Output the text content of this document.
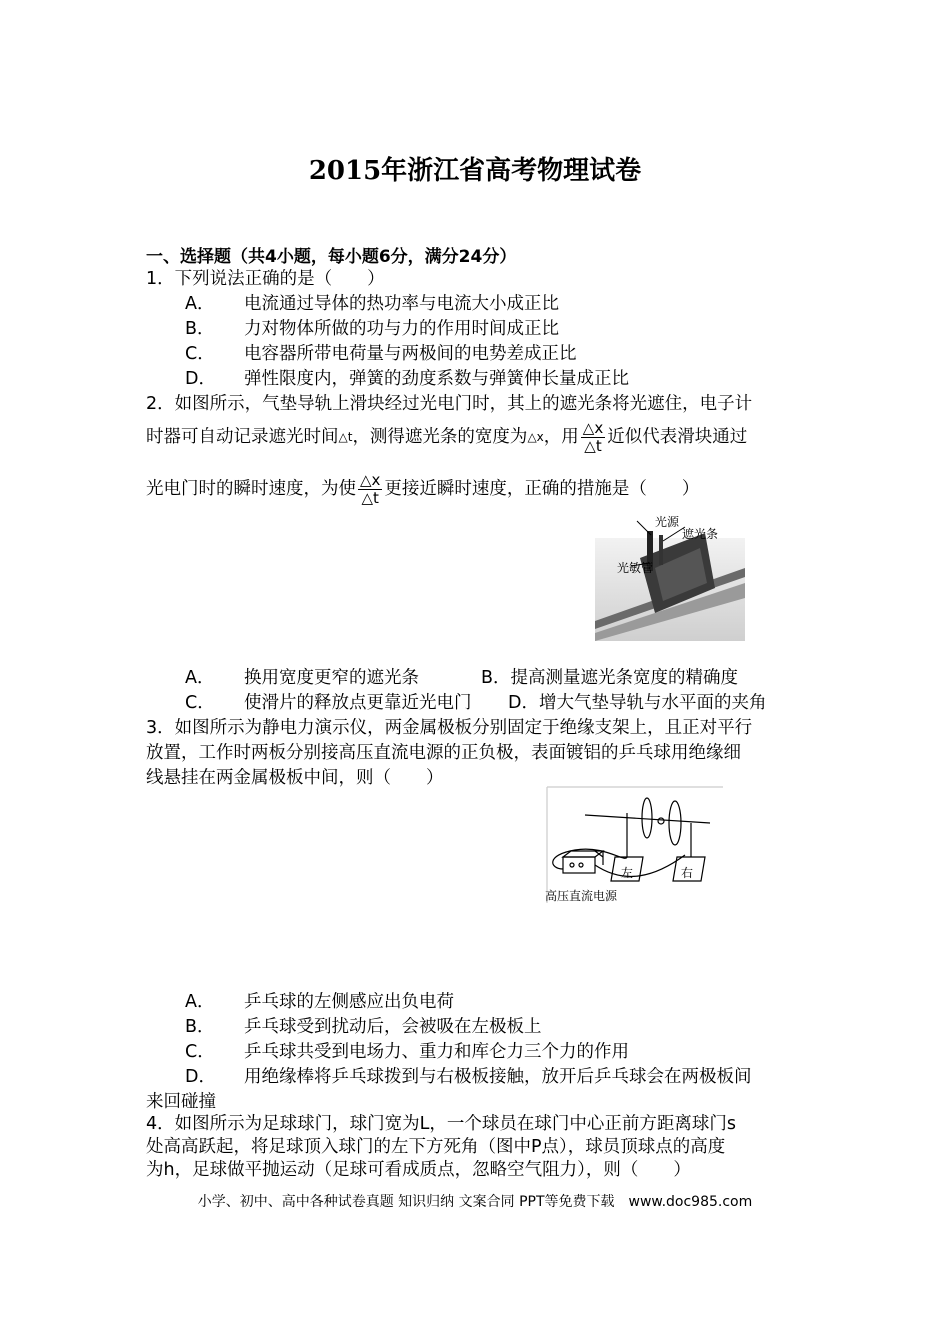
2015年浙江省高考物理试卷
一、选择题（共4小题，每小题6分，满分24分）
1．下列说法正确的是（　　）
A． 电流通过导体的热功率与电流大小成正比
B． 力对物体所做的功与力的作用时间成正比
C． 电容器所带电荷量与两极间的电势差成正比
D． 弹性限度内，弹簧的劲度系数与弹簧伸长量成正比
2．如图所示，气垫导轨上滑块经过光电门时，其上的遮光条将光遮住，电子计
时器可自动记录遮光时间 △t ，测得遮光条的宽度为 △x ，用 $\frac{\triangle x}{\triangle t}$ 近似代表滑块通过
光电门时的瞬时速度，为使 $\frac{\triangle x}{\triangle t}$ 更接近瞬时速度，正确的措施是（　　）
光源
遮光条
光敏管
A． 换用宽度更窄的遮光条	B．提高测量遮光条宽度的精确度
C． 使滑片的释放点更靠近光电门 D．增大气垫导轨与水平面的夹角
3．如图所示为静电力演示仪，两金属极板分别固定于绝缘支架上，且正对平行
放置，工作时两板分别接高压直流电源的正负极，表面镀铝的乒乓球用绝缘细
线悬挂在两金属极板中间，则（　　）
左	右
高压直流电源
A． 乒乓球的左侧感应出负电荷
B． 乒乓球受到扰动后，会被吸在左极板上
C． 乒乓球共受到电场力、重力和库仑力三个力的作用
D． 用绝缘棒将乒乓球拨到与右极板接触，放开后乒乓球会在两极板间
来回碰撞
4．如图所示为足球球门，球门宽为L，一个球员在球门中心正前方距离球门s
处高高跃起，将足球顶入球门的左下方死角（图中P点），球员顶球点的高度
为h，足球做平抛运动（足球可看成质点，忽略空气阻力），则（　　）
小学、初中、高中各种试卷真题 知识归纳 文案合同 PPT等免费下载　www.doc985.com
